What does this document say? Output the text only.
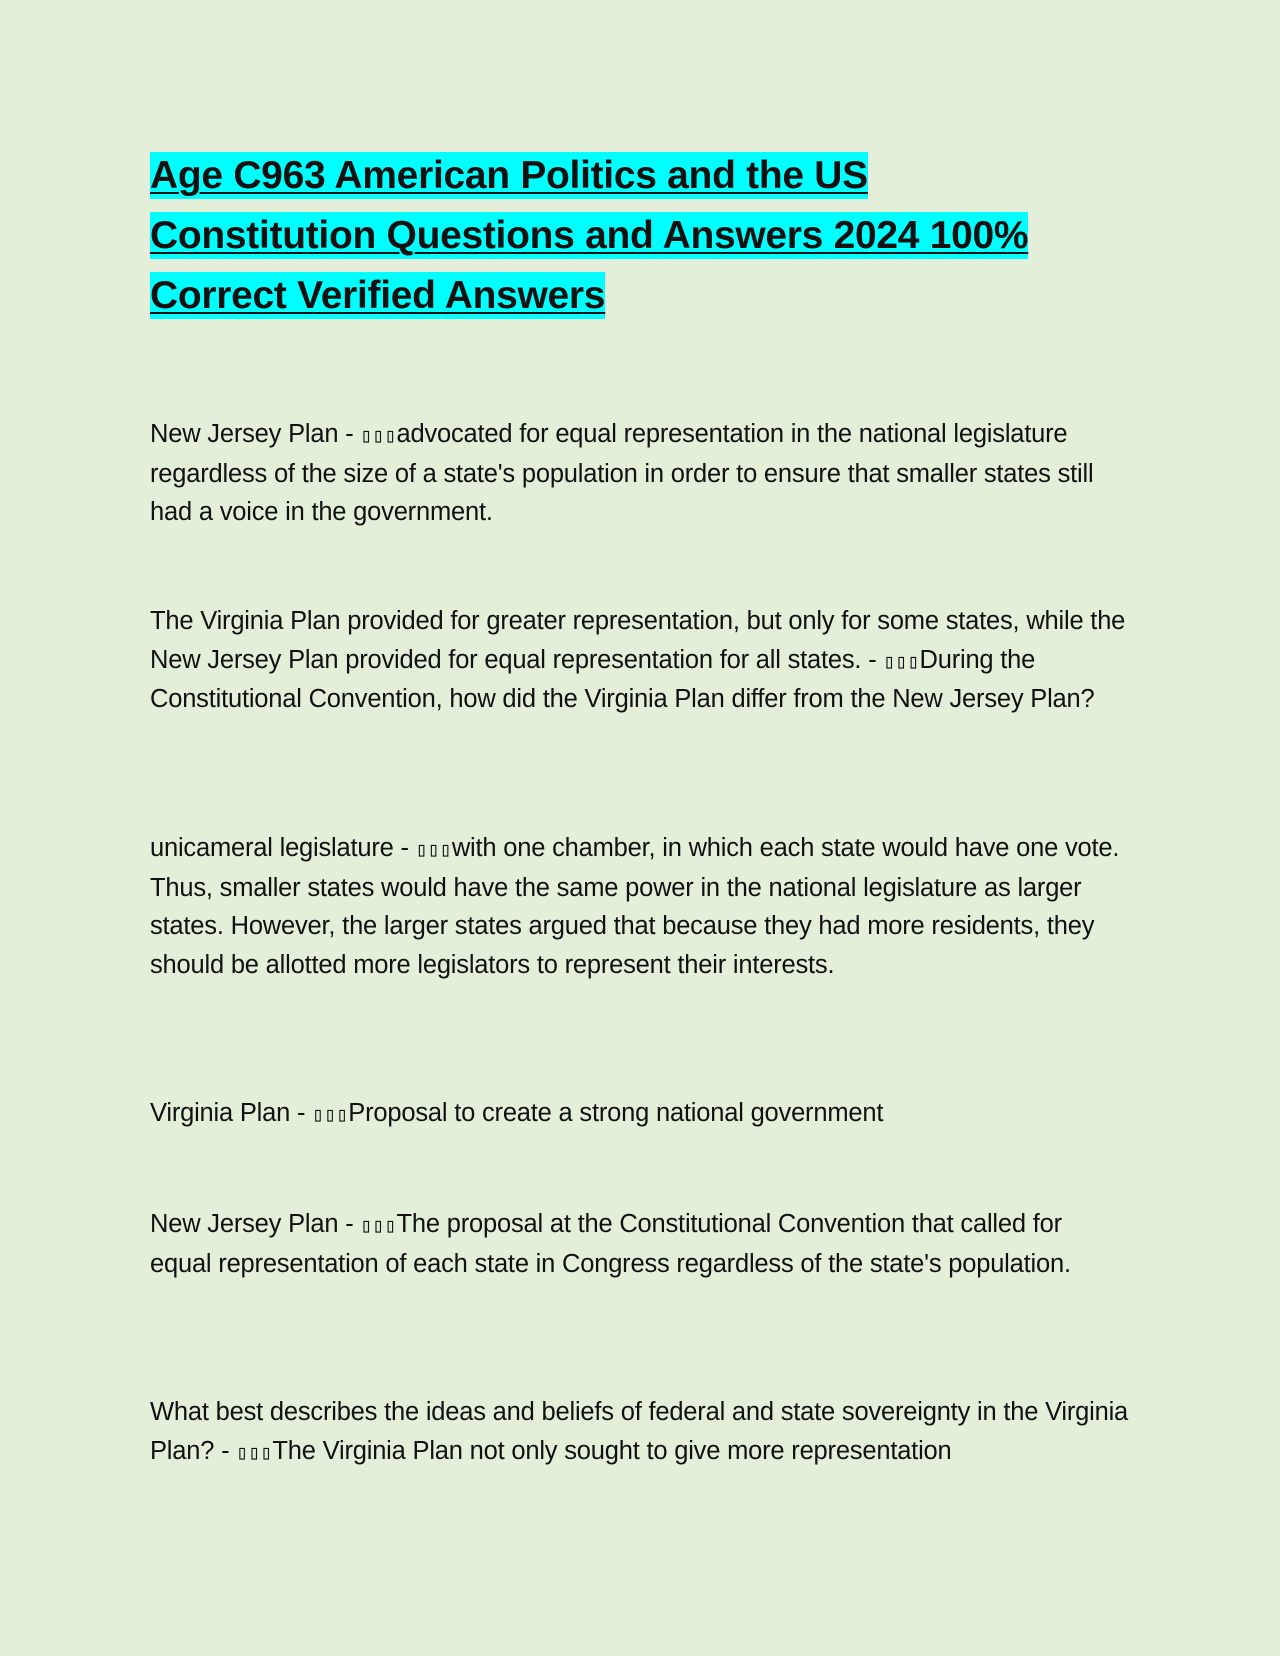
Age C963 American Politics and the US
Constitution Questions and Answers 2024 100%
Correct Verified Answers

New Jersey Plan - ▯▯▯advocated for equal representation in the national legislature regardless of the size of a state's population in order to ensure that smaller states still had a voice in the government.

The Virginia Plan provided for greater representation, but only for some states, while the New Jersey Plan provided for equal representation for all states. - ▯▯▯During the Constitutional Convention, how did the Virginia Plan differ from the New Jersey Plan?

unicameral legislature - ▯▯▯with one chamber, in which each state would have one vote. Thus, smaller states would have the same power in the national legislature as larger states. However, the larger states argued that because they had more residents, they should be allotted more legislators to represent their interests.

Virginia Plan - ▯▯▯Proposal to create a strong national government

New Jersey Plan - ▯▯▯The proposal at the Constitutional Convention that called for equal representation of each state in Congress regardless of the state's population.

What best describes the ideas and beliefs of federal and state sovereignty in the Virginia Plan? - ▯▯▯The Virginia Plan not only sought to give more representation
